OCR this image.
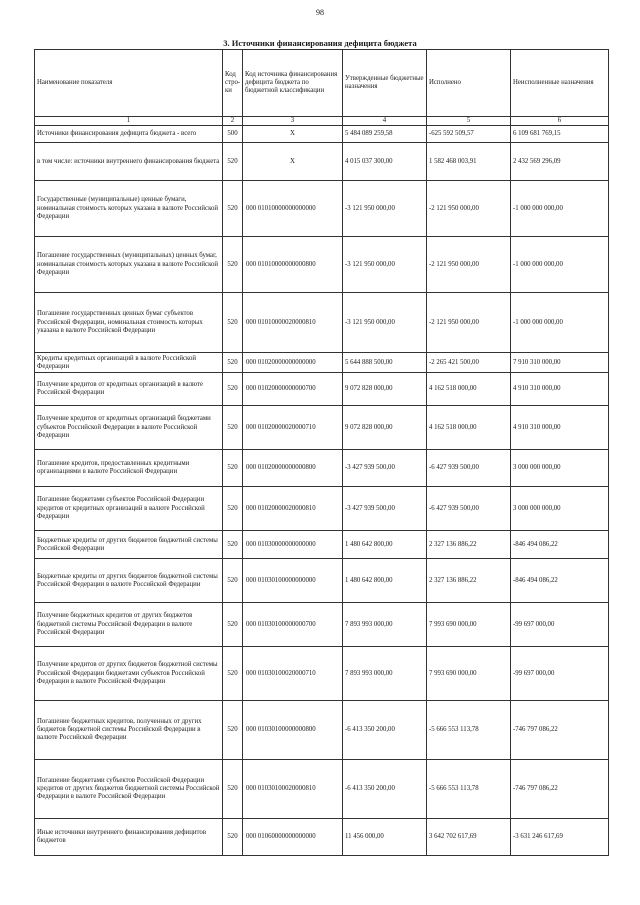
98
3. Источники финансирования дефицита бюджета
Наименование показателя	Код стро- ки	Код источника финансирования дефицита бюджета по бюджетной классификации	Утвержденные бюджетные назначения	Исполнено	Неисполненные назначения
1	2	3	4	5	6
Источники финансирования дефицита бюджета - всего	500	X	5 484 089 259,58	-625 592 509,57	6 109 681 769,15
в том числе: источники внутреннего финансирования бюджета	520	X	4 015 037 300,00	1 582 468 003,91	2 432 569 296,09
Государственные (муниципальные) ценные бумаги, номинальная стоимость которых указана в валюте Российской Федерации	520	000 01010000000000000	-3 121 950 000,00	-2 121 950 000,00	-1 000 000 000,00
Погашение государственных (муниципальных) ценных бумаг, номинальная стоимость которых указана в валюте Российской Федерации	520	000 01010000000000800	-3 121 950 000,00	-2 121 950 000,00	-1 000 000 000,00
Погашение государственных ценных бумаг субъектов Российской Федерации, номинальная стоимость которых указана в валюте Российской Федерации	520	000 01010000020000810	-3 121 950 000,00	-2 121 950 000,00	-1 000 000 000,00
Кредиты кредитных организаций в валюте Российской Федерации	520	000 01020000000000000	5 644 888 500,00	-2 265 421 500,00	7 910 310 000,00
Получение кредитов от кредитных организаций в валюте Российской Федерации	520	000 01020000000000700	9 072 828 000,00	4 162 518 000,00	4 910 310 000,00
Получение кредитов от кредитных организаций бюджетами субъектов Российской Федерации в валюте Российской Федерации	520	000 01020000020000710	9 072 828 000,00	4 162 518 000,00	4 910 310 000,00
Погашение кредитов, предоставленных кредитными организациями в валюте Российской Федерации	520	000 01020000000000800	-3 427 939 500,00	-6 427 939 500,00	3 000 000 000,00
Погашение бюджетами субъектов Российской Федерации кредитов от кредитных организаций в валюте Российской Федерации	520	000 01020000020000810	-3 427 939 500,00	-6 427 939 500,00	3 000 000 000,00
Бюджетные кредиты от других бюджетов бюджетной системы Российской Федерации	520	000 01030000000000000	1 480 642 800,00	2 327 136 886,22	-846 494 086,22
Бюджетные кредиты от других бюджетов бюджетной системы Российской Федерации в валюте Российской Федерации	520	000 01030100000000000	1 480 642 800,00	2 327 136 886,22	-846 494 086,22
Получение бюджетных кредитов от других бюджетов бюджетной системы Российской Федерации в валюте Российской Федерации	520	000 01030100000000700	7 893 993 000,00	7 993 690 000,00	-99 697 000,00
Получение кредитов от других бюджетов бюджетной системы Российской Федерации бюджетами субъектов Российской Федерации в валюте Российской Федерации	520	000 01030100020000710	7 893 993 000,00	7 993 690 000,00	-99 697 000,00
Погашение бюджетных кредитов, полученных от других бюджетов бюджетной системы Российской Федерации в валюте Российской Федерации	520	000 01030100000000800	-6 413 350 200,00	-5 666 553 113,78	-746 797 086,22
Погашение бюджетами субъектов Российской Федерации кредитов от других бюджетов бюджетной системы Российской Федерации в валюте Российской Федерации	520	000 01030100020000810	-6 413 350 200,00	-5 666 553 113,78	-746 797 086,22
Иные источники внутреннего финансирования дефицитов бюджетов	520	000 01060000000000000	11 456 000,00	3 642 702 617,69	-3 631 246 617,69
